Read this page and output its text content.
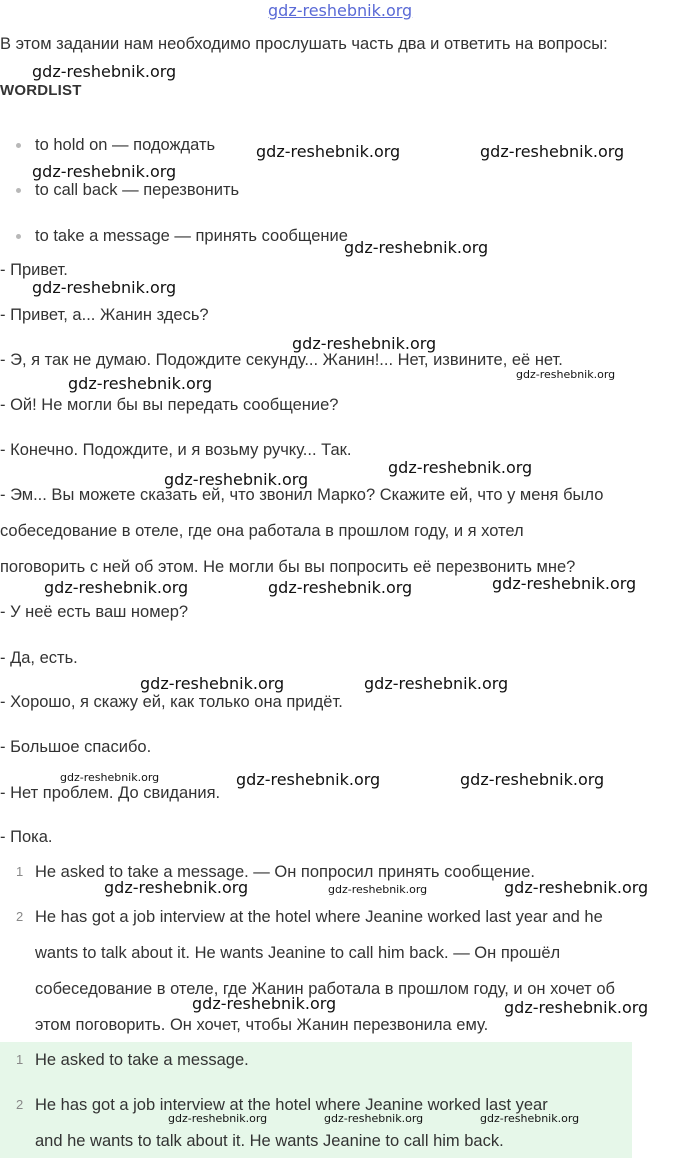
gdz-reshebnik.org
В этом задании нам необходимо прослушать часть два и ответить на вопросы:
WORDLIST
to hold on — подождать
to call back — перезвонить
to take a message — принять сообщение
- Привет.
- Привет, а... Жанин здесь?
- Э, я так не думаю. Подождите секунду... Жанин!... Нет, извините, её нет.
- Ой! Не могли бы вы передать сообщение?
- Конечно. Подождите, и я возьму ручку... Так.
- Эм... Вы можете сказать ей, что звонил Марко? Скажите ей, что у меня было
собеседование в отеле, где она работала в прошлом году, и я хотел
поговорить с ней об этом. Не могли бы вы попросить её перезвонить мне?
- У неё есть ваш номер?
- Да, есть.
- Хорошо, я скажу ей, как только она придёт.
- Большое спасибо.
- Нет проблем. До свидания.
- Пока.
1 He asked to take a message. — Он попросил принять сообщение.
2 He has got a job interview at the hotel where Jeanine worked last year and he
wants to talk about it. He wants Jeanine to call him back. — Он прошёл
собеседование в отеле, где Жанин работала в прошлом году, и он хочет об
этом поговорить. Он хочет, чтобы Жанин перезвонила ему.
1 He asked to take a message.
2 He has got a job interview at the hotel where Jeanine worked last year
and he wants to talk about it. He wants Jeanine to call him back.
gdz-reshebnik.org
gdz-reshebnik.org	gdz-reshebnik.org
gdz-reshebnik.org
gdz-reshebnik.org
gdz-reshebnik.org
gdz-reshebnik.org
gdz-reshebnik.org
gdz-reshebnik.org
gdz-reshebnik.org
gdz-reshebnik.org
gdz-reshebnik.org
gdz-reshebnik.org	gdz-reshebnik.org
gdz-reshebnik.org	gdz-reshebnik.org
gdz-reshebnik.org	gdz-reshebnik.org	gdz-reshebnik.org
gdz-reshebnik.org	gdz-reshebnik.org	gdz-reshebnik.org
gdz-reshebnik.org	gdz-reshebnik.org
gdz-reshebnik.org	gdz-reshebnik.org	gdz-reshebnik.org
